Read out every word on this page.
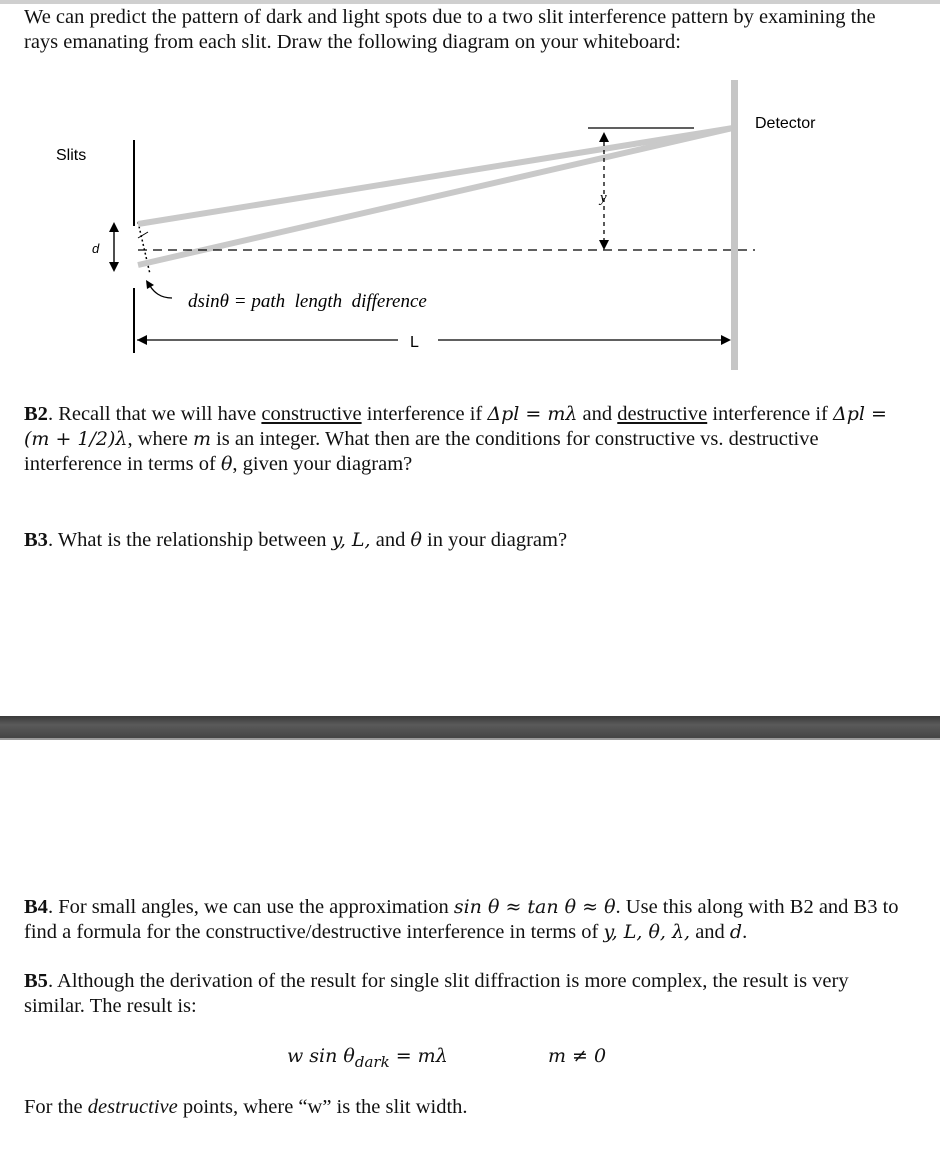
We can predict the pattern of dark and light spots due to a two slit interference pattern by examining the rays emanating from each slit. Draw the following diagram on your whiteboard:

y
Detector
Slits
d
dsinθ = path  length  difference
L

B2. Recall that we will have constructive interference if Δpl = mλ and destructive interference if Δpl = (m + 1/2)λ, where m is an integer. What then are the conditions for constructive vs. destructive interference in terms of θ, given your diagram?

B3. What is the relationship between y, L, and θ in your diagram?

B4. For small angles, we can use the approximation sin θ ≈ tan θ ≈ θ. Use this along with B2 and B3 to find a formula for the constructive/destructive interference in terms of y, L, θ, λ, and d.

B5. Although the derivation of the result for single slit diffraction is more complex, the result is very similar. The result is:

w $\sin \theta_{dark} = m\lambda$	m ≠ 0

For the destructive points, where “w” is the slit width.
